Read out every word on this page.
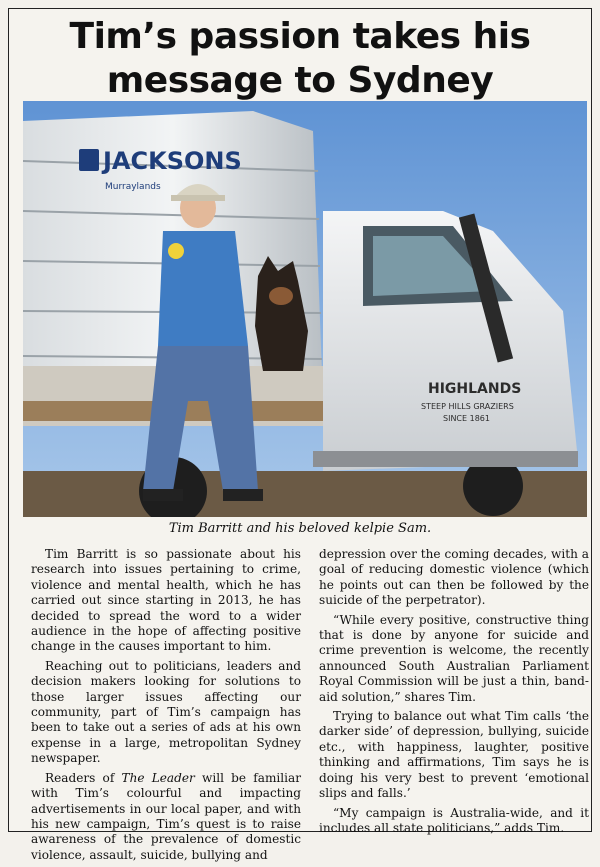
Tim’s passion takes his
message to Sydney
JACKSONS
Murraylands
HIGHLANDS
STEEP HILLS GRAZIERS
SINCE 1861
Tim Barritt and his beloved kelpie Sam.

Tim Barritt is so passionate about his research into issues pertaining to crime, violence and mental health, which he has carried out since starting in 2013, he has decided to spread the word to a wider audience in the hope of affecting positive change in the causes important to him.

Reaching out to politicians, leaders and decision makers looking for solutions to those larger issues affecting our community, part of Tim’s campaign has been to take out a series of ads at his own expense in a large, metropolitan Sydney newspaper.

Readers of The Leader will be familiar with Tim’s colourful and impacting advertisements in our local paper, and with his new campaign, Tim’s quest is to raise awareness of the prevalence of domestic violence, assault, suicide, bullying and

depression over the coming decades, with a goal of reducing domestic violence (which he points out can then be followed by the suicide of the perpetrator).

“While every positive, constructive thing that is done by anyone for suicide and crime prevention is welcome, the recently announced South Australian Parliament Royal Commission will be just a thin, band-aid solution,” shares Tim.

Trying to balance out what Tim calls ‘the darker side’ of depression, bullying, suicide etc., with happiness, laughter, positive thinking and affirmations, Tim says he is doing his very best to prevent ‘emotional slips and falls.’

“My campaign is Australia-wide, and it includes all state politicians,” adds Tim.
